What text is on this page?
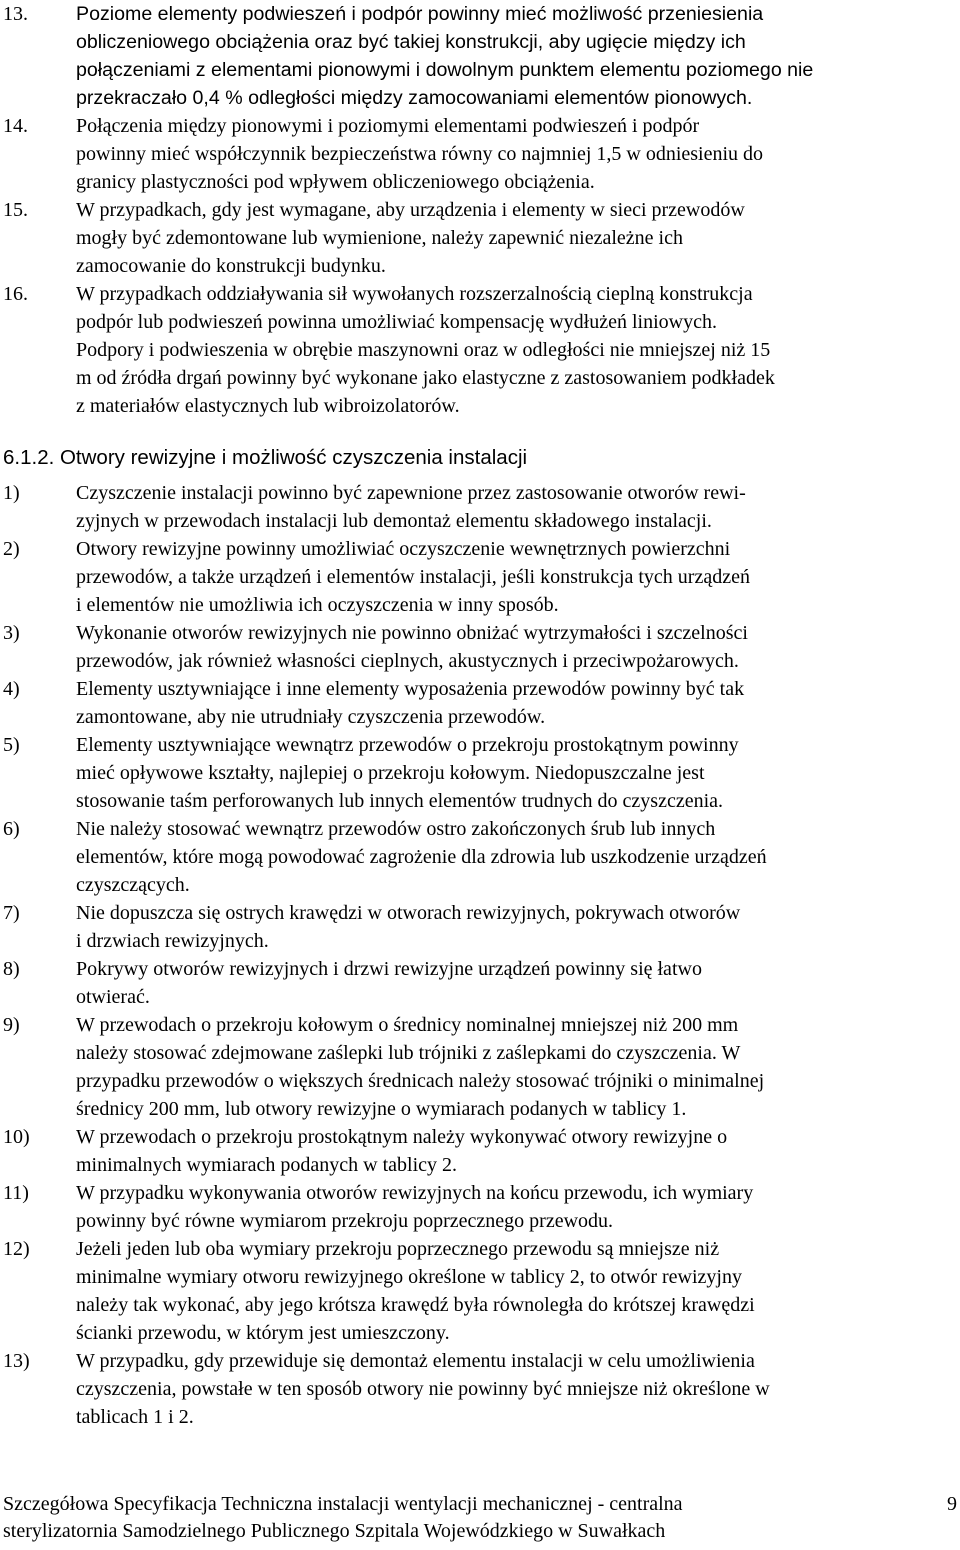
13. Poziome elementy podwieszeń i podpór powinny mieć możliwość przeniesienia
obliczeniowego obciążenia oraz być takiej konstrukcji, aby ugięcie między ich
połączeniami z elementami pionowymi i dowolnym punktem elementu poziomego nie
przekraczało 0,4 % odległości między zamocowaniami elementów pionowych.
14. Połączenia między pionowymi i poziomymi elementami podwieszeń i podpór
powinny mieć współczynnik bezpieczeństwa równy co najmniej 1,5 w odniesieniu do
granicy plastyczności pod wpływem obliczeniowego obciążenia.
15. W przypadkach, gdy jest wymagane, aby urządzenia i elementy w sieci przewodów
mogły być zdemontowane lub wymienione, należy zapewnić niezależne ich
zamocowanie do konstrukcji budynku.
16. W przypadkach oddziaływania sił wywołanych rozszerzalnością cieplną konstrukcja
podpór lub podwieszeń powinna umożliwiać kompensację wydłużeń liniowych.
Podpory i podwieszenia w obrębie maszynowni oraz w odległości nie mniejszej niż 15
m od źródła drgań powinny być wykonane jako elastyczne z zastosowaniem podkładek
z materiałów elastycznych lub wibroizolatorów.
6.1.2. Otwory rewizyjne i możliwość czyszczenia instalacji
1)	Czyszczenie instalacji powinno być zapewnione przez zastosowanie otworów rewi-
zyjnych w przewodach instalacji lub demontaż elementu składowego instalacji.
2)	Otwory rewizyjne powinny umożliwiać oczyszczenie wewnętrznych powierzchni
przewodów, a także urządzeń i elementów instalacji, jeśli konstrukcja tych urządzeń
i elementów nie umożliwia ich oczyszczenia w inny sposób.
3)	Wykonanie otworów rewizyjnych nie powinno obniżać wytrzymałości i szczelności
przewodów, jak również własności cieplnych, akustycznych i przeciwpożarowych.
4)	Elementy usztywniające i inne elementy wyposażenia przewodów powinny być tak
zamontowane, aby nie utrudniały czyszczenia przewodów.
5)	Elementy usztywniające wewnątrz przewodów o przekroju prostokątnym powinny
mieć opływowe kształty, najlepiej o przekroju kołowym. Niedopuszczalne jest
stosowanie taśm perforowanych lub innych elementów trudnych do czyszczenia.
6)	Nie należy stosować wewnątrz przewodów ostro zakończonych śrub lub innych
elementów, które mogą powodować zagrożenie dla zdrowia lub uszkodzenie urządzeń
czyszczących.
7)	Nie dopuszcza się ostrych krawędzi w otworach rewizyjnych, pokrywach otworów
i drzwiach rewizyjnych.
8)	Pokrywy otworów rewizyjnych i drzwi rewizyjne urządzeń powinny się łatwo
otwierać.
9)	W przewodach o przekroju kołowym o średnicy nominalnej mniejszej niż 200 mm
należy stosować zdejmowane zaślepki lub trójniki z zaślepkami do czyszczenia. W
przypadku przewodów o większych średnicach należy stosować trójniki o minimalnej
średnicy 200 mm, lub otwory rewizyjne o wymiarach podanych w tablicy 1.
10) W przewodach o przekroju prostokątnym należy wykonywać otwory rewizyjne o
minimalnych wymiarach podanych w tablicy 2.
11) W przypadku wykonywania otworów rewizyjnych na końcu przewodu, ich wymiary
powinny być równe wymiarom przekroju poprzecznego przewodu.
12) Jeżeli jeden lub oba wymiary przekroju poprzecznego przewodu są mniejsze niż
minimalne wymiary otworu rewizyjnego określone w tablicy 2, to otwór rewizyjny
należy tak wykonać, aby jego krótsza krawędź była równoległa do krótszej krawędzi
ścianki przewodu, w którym jest umieszczony.
13) W przypadku, gdy przewiduje się demontaż elementu instalacji w celu umożliwienia
czyszczenia, powstałe w ten sposób otwory nie powinny być mniejsze niż określone w
tablicach 1 i 2.
Szczegółowa Specyfikacja Techniczna instalacji wentylacji mechanicznej - centralna
sterylizatornia Samodzielnego Publicznego Szpitala Wojewódzkiego w Suwałkach
9
